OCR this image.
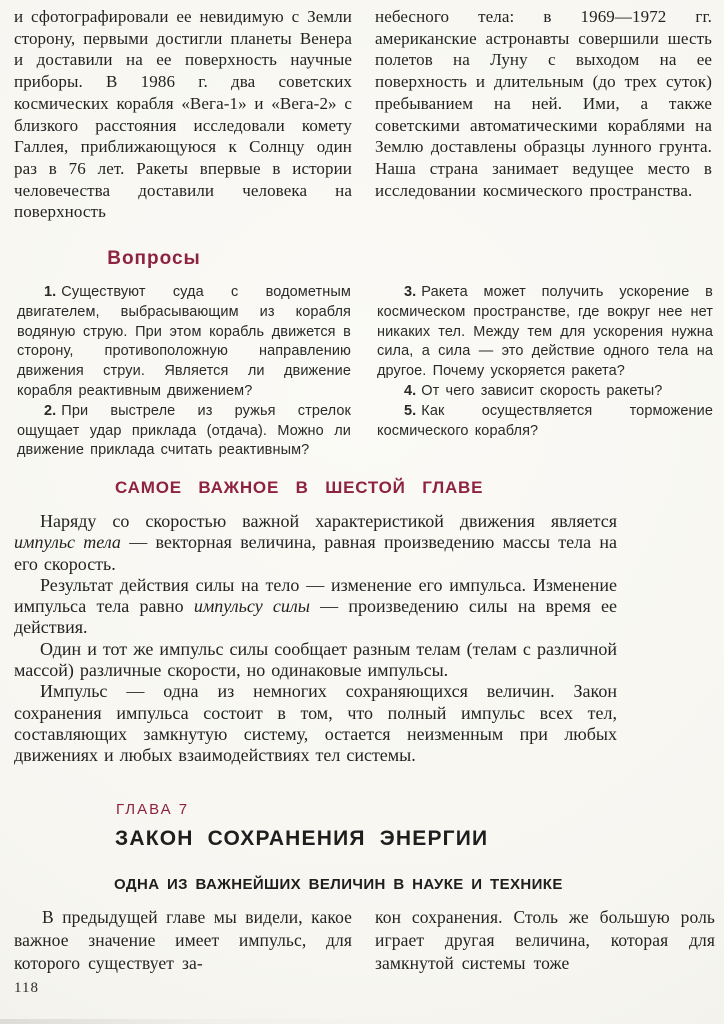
и сфотографировали ее невидимую с Земли сторону, первыми достигли планеты Венера и доставили на ее поверхность научные приборы. В 1986 г. два советских космических корабля «Вега-1» и «Вега-2» с близкого расстояния исследовали комету Галлея, приближающуюся к Солнцу один раз в 76 лет. Ракеты впервые в истории человечества доставили человека на поверхность
небесного тела: в 1969—1972 гг. американские астронавты совершили шесть полетов на Луну с выходом на ее поверхность и длительным (до трех суток) пребыванием на ней. Ими, а также советскими автоматическими кораблями на Землю доставлены образцы лунного грунта. Наша страна занимает ведущее место в исследовании космического пространства.
Вопросы

1. Существуют суда с водометным двигателем, выбрасывающим из корабля водяную струю. При этом корабль движется в сторону, противоположную направлению движения струи. Является ли движение корабля реактивным движением?

2. При выстреле из ружья стрелок ощущает удар приклада (отдача). Можно ли движение приклада считать реактивным?

3. Ракета может получить ускорение в космическом пространстве, где вокруг нее нет никаких тел. Между тем для ускорения нужна сила, а сила — это действие одного тела на другое. Почему ускоряется ракета?

4. От чего зависит скорость ракеты?

5. Как осуществляется торможение космического корабля?

САМОЕ ВАЖНОЕ В ШЕСТОЙ ГЛАВЕ

Наряду со скоростью важной характеристикой движения является импульс тела — векторная величина, равная произведению массы тела на его скорость.

Результат действия силы на тело — изменение его импульса. Изменение импульса тела равно импульсу силы — произведению силы на время ее действия.

Один и тот же импульс силы сообщает разным телам (телам с различной массой) различные скорости, но одинаковые импульсы.

Импульс — одна из немногих сохраняющихся величин. Закон сохранения импульса состоит в том, что полный импульс всех тел, составляющих замкнутую систему, остается неизменным при любых движениях и любых взаимодействиях тел системы.

ГЛАВА 7
ЗАКОН СОХРАНЕНИЯ ЭНЕРГИИ
ОДНА ИЗ ВАЖНЕЙШИХ ВЕЛИЧИН В НАУКЕ И ТЕХНИКЕ

В предыдущей главе мы видели, какое важное значение имеет импульс, для которого существует за-

кон сохранения. Столь же большую роль играет другая величина, которая для замкнутой системы тоже
118
